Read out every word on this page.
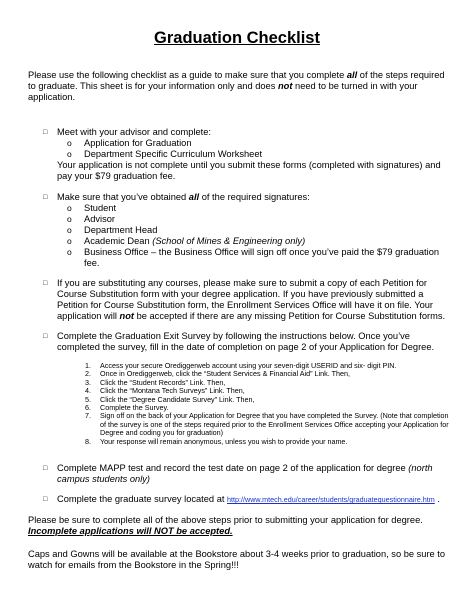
Graduation Checklist
Please use the following checklist as a guide to make sure that you complete all of the steps required to graduate. This sheet is for your information only and does not need to be turned in with your application.
□ Meet with your advisor and complete:
o Application for Graduation
o Department Specific Curriculum Worksheet
Your application is not complete until you submit these forms (completed with signatures) and pay your $79 graduation fee.
□ Make sure that you’ve obtained all of the required signatures:
o Student
o Advisor
o Department Head
o Academic Dean (School of Mines & Engineering only)
o Business Office – the Business Office will sign off once you’ve paid the $79 graduation fee.
□ If you are substituting any courses, please make sure to submit a copy of each Petition for Course Substitution form with your degree application. If you have previously submitted a Petition for Course Substitution form, the Enrollment Services Office will have it on file. Your application will not be accepted if there are any missing Petition for Course Substitution forms.
□ Complete the Graduation Exit Survey by following the instructions below. Once you’ve completed the survey, fill in the date of completion on page 2 of your Application for Degree.
1. Access your secure Orediggerweb account using your seven-digit USERID and six- digit PIN.
2. Once in Orediggerweb, click the “Student Services & Financial Aid” Link. Then,
3. Click the “Student Records” Link. Then,
4. Click the “Montana Tech Surveys” Link. Then,
5. Click the “Degree Candidate Survey” Link. Then,
6. Complete the Survey.
7. Sign off on the back of your Application for Degree that you have completed the Survey. (Note that completion of the survey is one of the steps required prior to the Enrollment Services Office accepting your Application for Degree and coding you for graduation)
8. Your response will remain anonymous, unless you wish to provide your name.
□ Complete MAPP test and record the test date on page 2 of the application for degree (north campus students only)
□ Complete the graduate survey located at http://www.mtech.edu/career/students/graduatequestionnaire.htm .
Please be sure to complete all of the above steps prior to submitting your application for degree.
Incomplete applications will NOT be accepted.
Caps and Gowns will be available at the Bookstore about 3-4 weeks prior to graduation, so be sure to watch for emails from the Bookstore in the Spring!!!
